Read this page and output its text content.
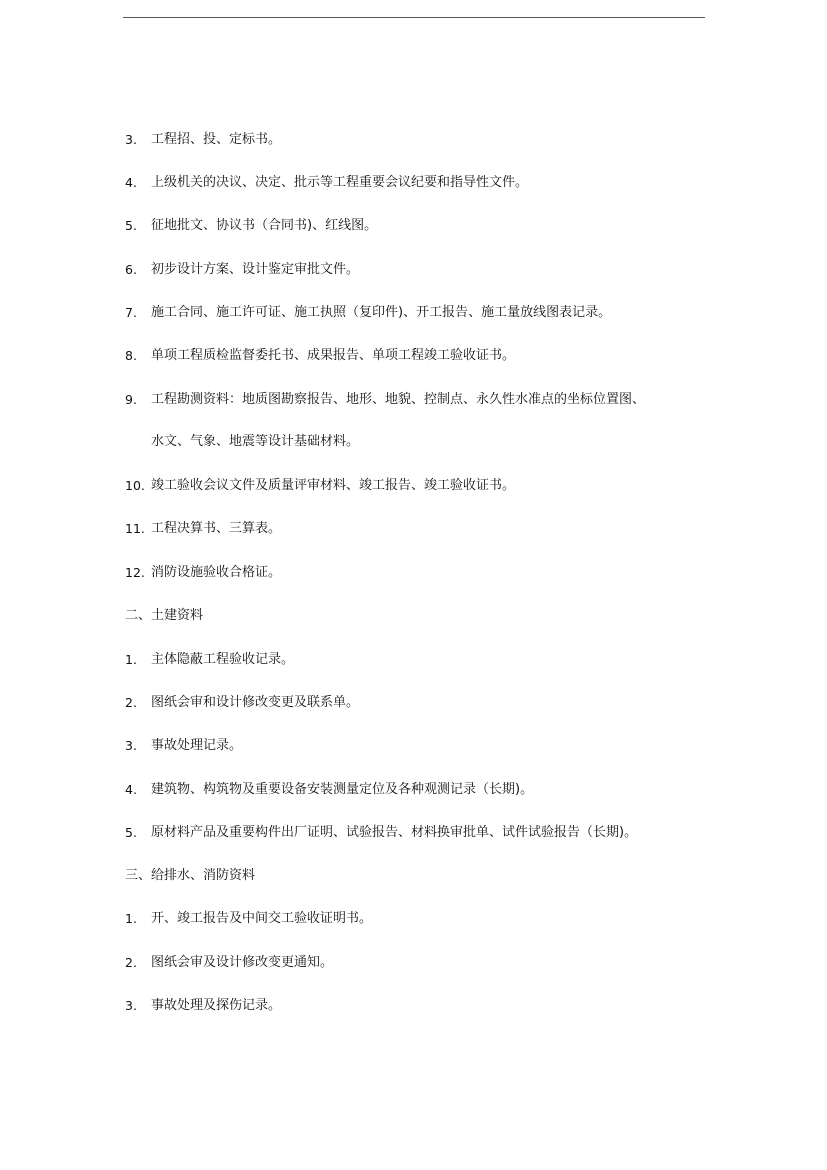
3.	工程招、投、定标书。
4.	上级机关的决议、决定、批示等工程重要会议纪要和指导性文件。
5.	征地批文、协议书（合同书)、红线图。
6.	初步设计方案、设计鉴定审批文件。
7.	施工合同、施工许可证、施工执照（复印件)、开工报告、施工量放线图表记录。
8.	单项工程质检监督委托书、成果报告、单项工程竣工验收证书。
9.	工程勘测资料：地质图勘察报告、地形、地貌、控制点、永久性水准点的坐标位置图、
水文、气象、地震等设计基础材料。
10. 竣工验收会议文件及质量评审材料、竣工报告、竣工验收证书。
11. 工程决算书、三算表。
12. 消防设施验收合格证。
二、土建资料
1.	主体隐蔽工程验收记录。
2.	图纸会审和设计修改变更及联系单。
3.	事故处理记录。
4.	建筑物、构筑物及重要设备安装测量定位及各种观测记录（长期)。
5.	原材料产品及重要构件出厂证明、试验报告、材料换审批单、试件试验报告（长期)。
三、给排水、消防资料
1.	开、竣工报告及中间交工验收证明书。
2.	图纸会审及设计修改变更通知。
3.	事故处理及探伤记录。
